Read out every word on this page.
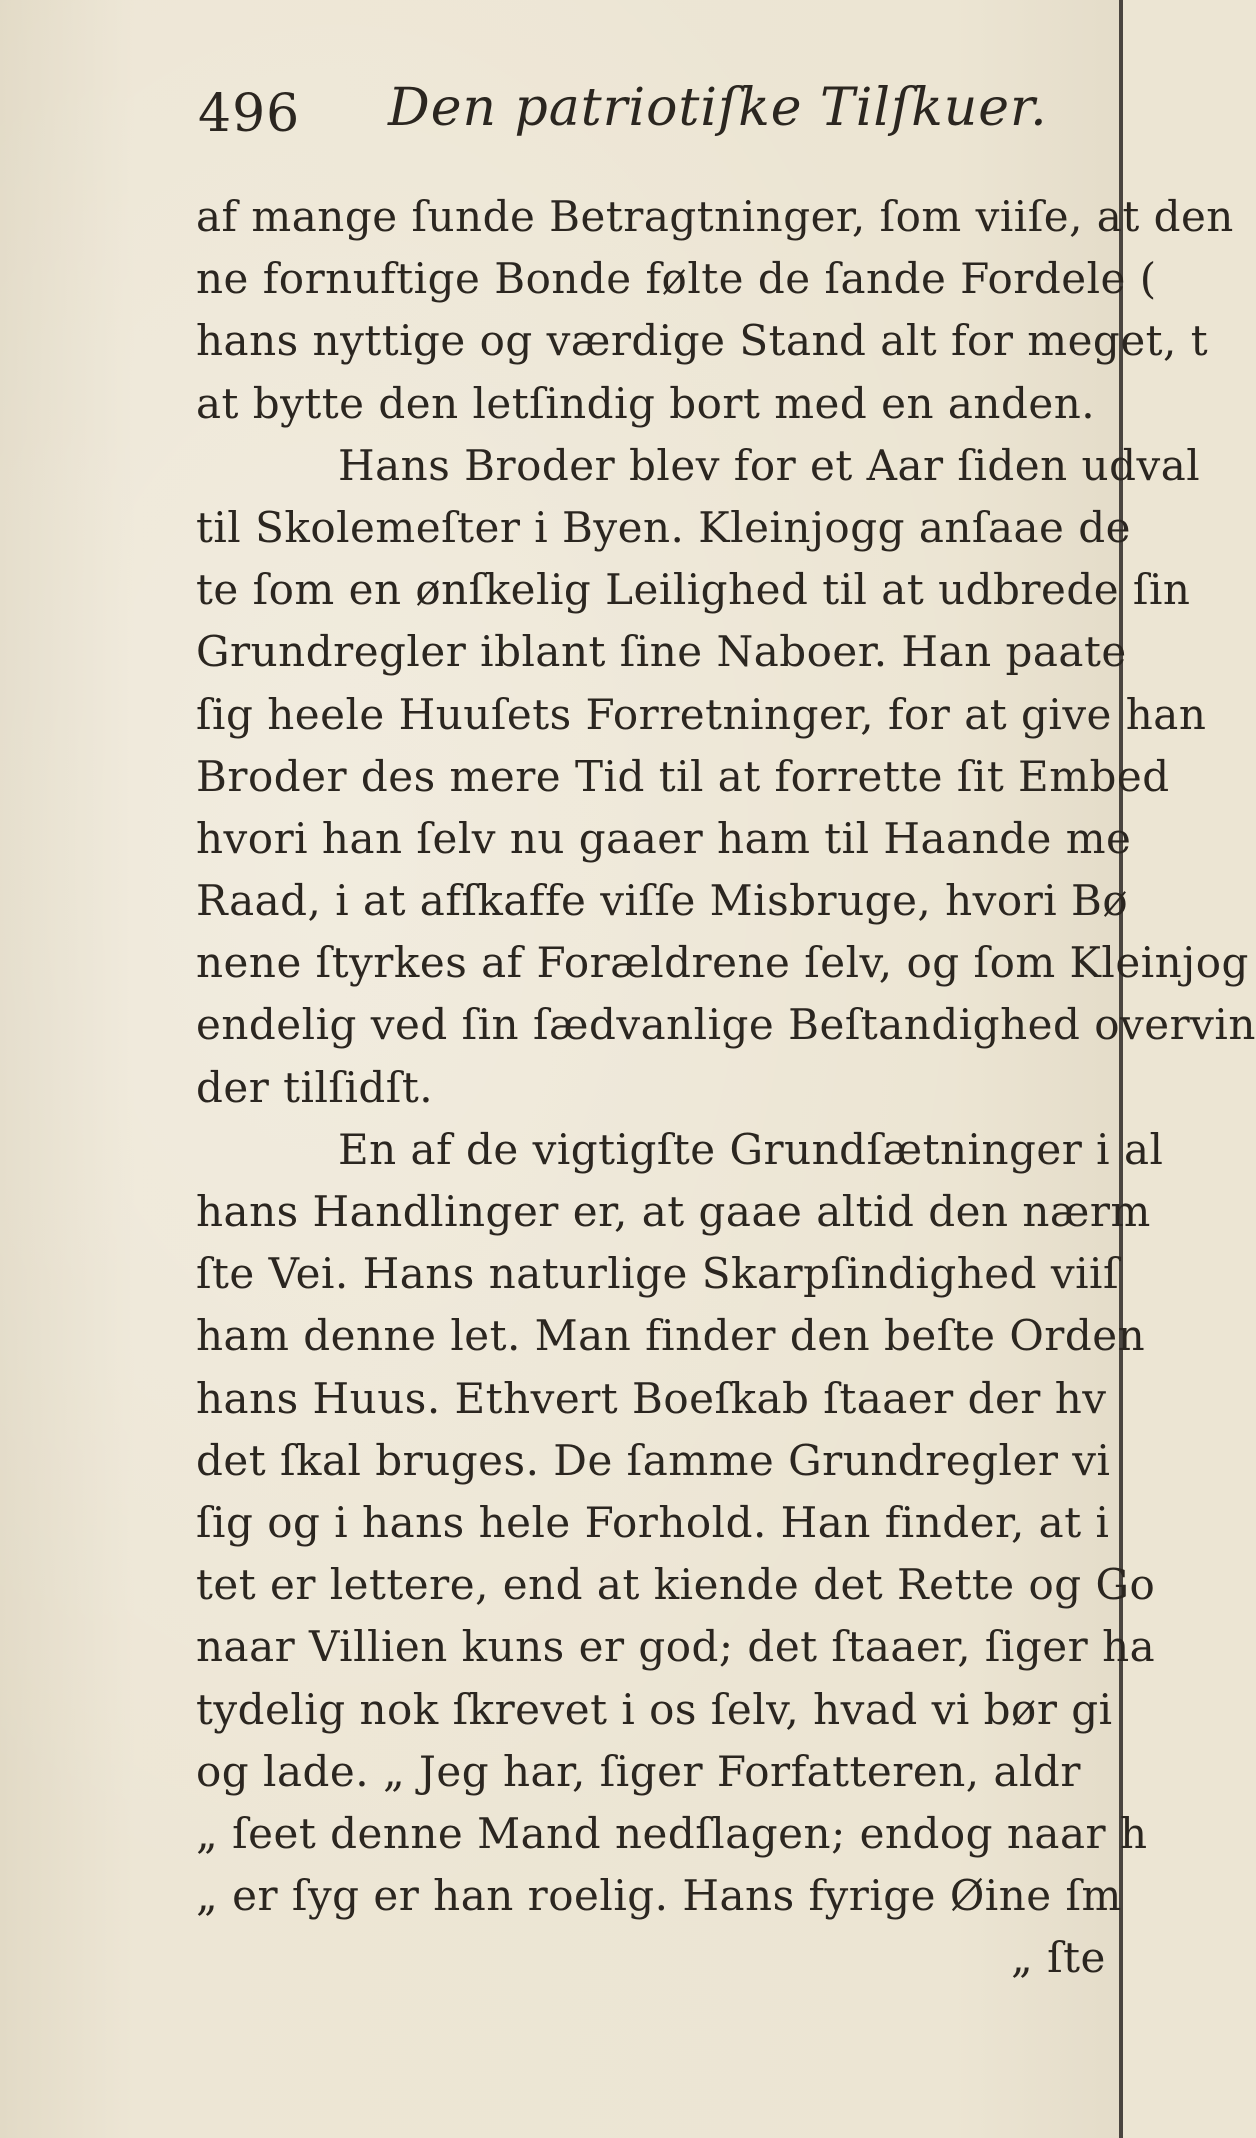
496 Den patriotiſke Tilſkuer.
af mange ſunde Betragtninger, ſom viiſe, at den
ne fornuftige Bonde følte de ſande Fordele (
hans nyttige og værdige Stand alt for meget, t
at bytte den letſindig bort med en anden.
Hans Broder blev for et Aar ſiden udval
til Skolemeſter i Byen. Kleinjogg anſaae de
te ſom en ønſkelig Leilighed til at udbrede ſin
Grundregler iblant ſine Naboer. Han paate
ſig heele Huuſets Forretninger, for at give han
Broder des mere Tid til at forrette ſit Embed
hvori han ſelv nu gaaer ham til Haande me
Raad, i at afſkaffe viſſe Misbruge, hvori Bø
nene ſtyrkes af Forældrene ſelv, og ſom Kleinjog
endelig ved ſin ſædvanlige Beſtandighed overvin
der tilſidſt.
En af de vigtigſte Grundſætninger i al
hans Handlinger er, at gaae altid den nærm
ſte Vei. Hans naturlige Skarpſindighed viiſ
ham denne let. Man finder den beſte Orden
hans Huus. Ethvert Boeſkab ſtaaer der hv
det ſkal bruges. De ſamme Grundregler vi
ſig og i hans hele Forhold. Han finder, at i
tet er lettere, end at kiende det Rette og Go
naar Villien kuns er god; det ſtaaer, ſiger ha
tydelig nok ſkrevet i os ſelv, hvad vi bør gi
og lade. „ Jeg har, ſiger Forfatteren, aldr
„ ſeet denne Mand nedſlagen; endog naar h
„ er ſyg er han roelig. Hans fyrige Øine ſm
„ ſte
